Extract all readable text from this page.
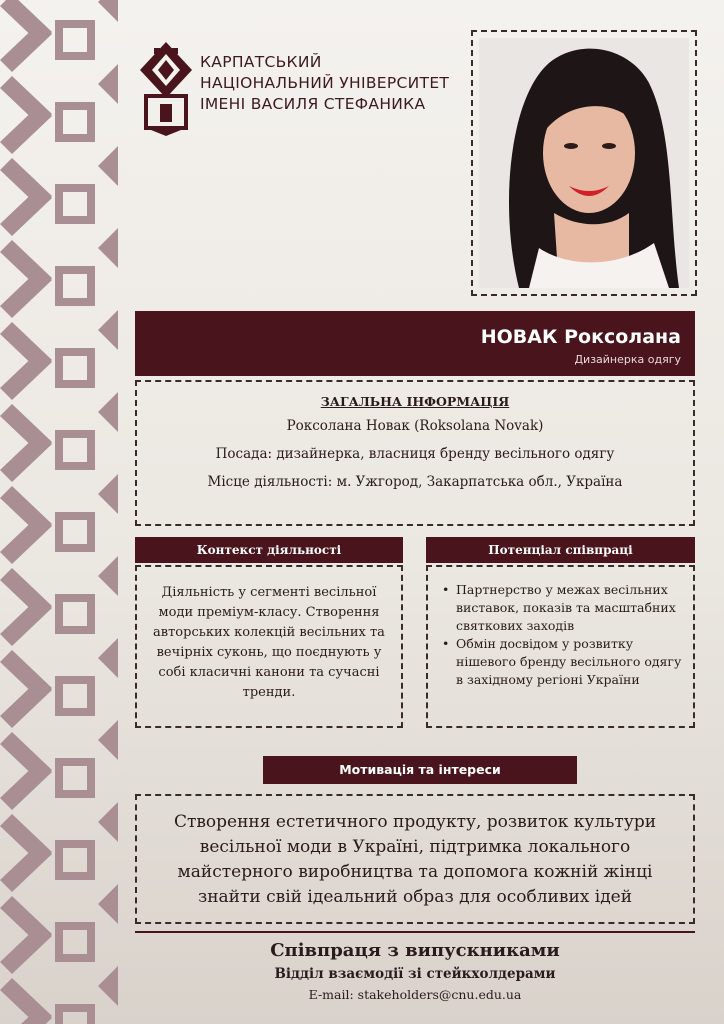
КАРПАТСЬКИЙ
НАЦІОНАЛЬНИЙ УНІВЕРСИТЕТ
ІМЕНІ ВАСИЛЯ СТЕФАНИКА
НОВАК Роксолана
Дизайнерка одягу
ЗАГАЛЬНА ІНФОРМАЦІЯ

Роксолана Новак (Roksolana Novak)

Посада: дизайнерка, власниця бренду весільного одягу

Місце діяльності: м. Ужгород, Закарпатська обл., Україна

Контекст діяльності
Діяльність у сегменті весільної моди преміум-класу. Створення авторських колекцій весільних та вечірніх суконь, що поєднують у собі класичні канони та сучасні тренди.
Потенціал співпраці
• Партнерство у межах весільних виставок, показів та масштабних святкових заходів
• Обмін досвідом у розвитку нішевого бренду весільного одягу в західному регіоні України
Мотивація та інтереси
Створення естетичного продукту, розвиток культури весільної моди в Україні, підтримка локального майстерного виробництва та допомога кожній жінці знайти свій ідеальний образ для особливих ідей
Співпраця з випускниками
Відділ взаємодії зі стейкхолдерами
E-mail: stakeholders@cnu.edu.ua
